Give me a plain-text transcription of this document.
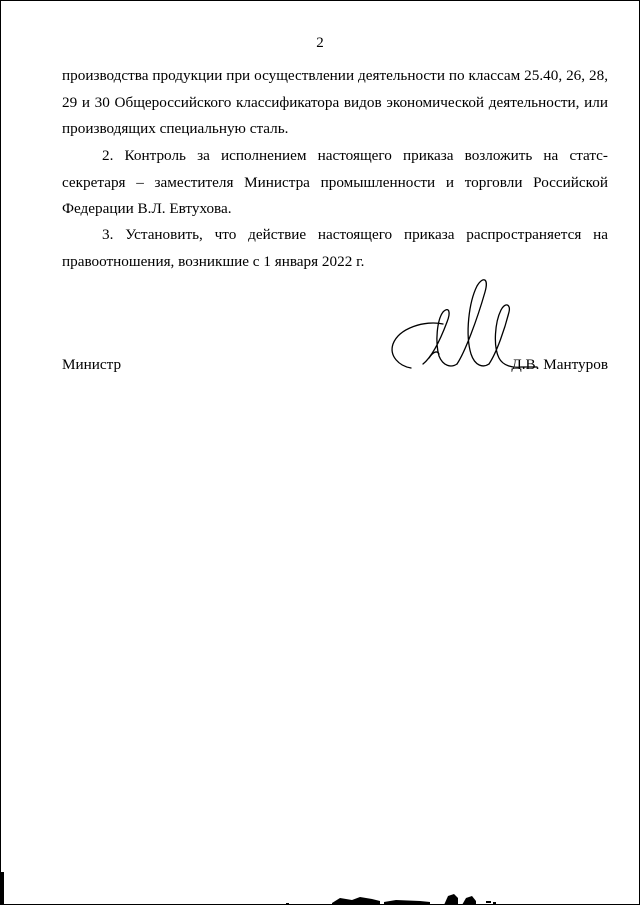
2

производства продукции при осуществлении деятельности по классам 25.40, 26, 28, 29 и 30 Общероссийского классификатора видов экономической деятельности, или производящих специальную сталь.

2. Контроль за исполнением настоящего приказа возложить на статс-секретаря – заместителя Министра промышленности и торговли Российской Федерации В.Л. Евтухова.

3. Установить, что действие настоящего приказа распространяется на правоотношения, возникшие с 1 января 2022 г.

Министр	Д.В. Мантуров
